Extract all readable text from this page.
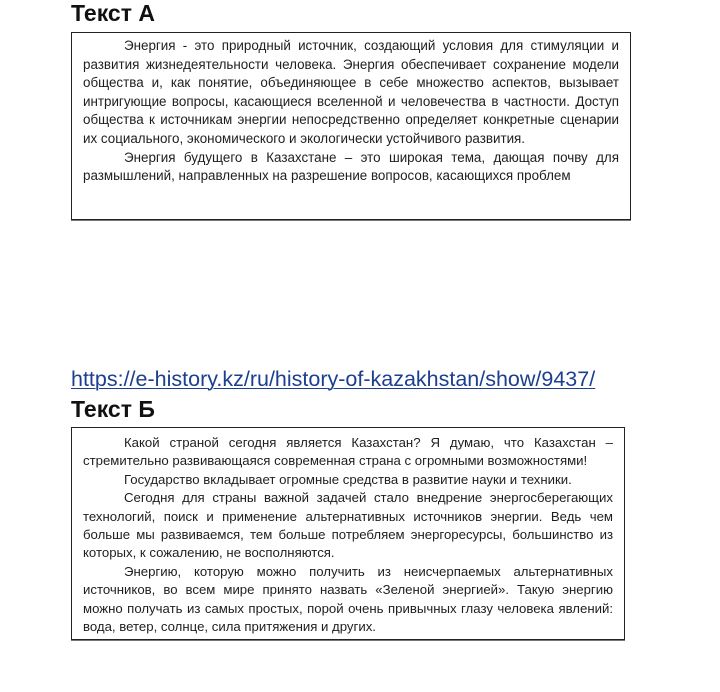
Текст А

Энергия - это природный источник, создающий условия для стимуляции и развития жизнедеятельности человека. Энергия обеспечивает сохранение модели общества и, как понятие, объединяющее в себе множество аспектов, вызывает интригующие вопросы, касающиеся вселенной и человечества в частности. Доступ общества к источникам энергии непосредственно определяет конкретные сценарии их социального, экономического и экологически устойчивого развития.

Энергия будущего в Казахстане – это широкая тема, дающая почву для размышлений, направленных на разрешение вопросов, касающихся проблем

https://e-history.kz/ru/history-of-kazakhstan/show/9437/
Текст Б

Какой страной сегодня является Казахстан? Я думаю, что Казахстан – стремительно развивающаяся современная страна с огромными возможностями!

Государство вкладывает огромные средства в развитие науки и техники.

Сегодня для страны важной задачей стало внедрение энергосберегающих технологий, поиск и применение альтернативных источников энергии. Ведь чем больше мы развиваемся, тем больше потребляем энергоресурсы, большинство из которых, к сожалению, не восполняются.

Энергию, которую можно получить из неисчерпаемых альтернативных источников, во всем мире принято назвать «Зеленой энергией». Такую энергию можно получать из самых простых, порой очень привычных глазу человека явлений: вода, ветер, солнце, сила притяжения и других.
